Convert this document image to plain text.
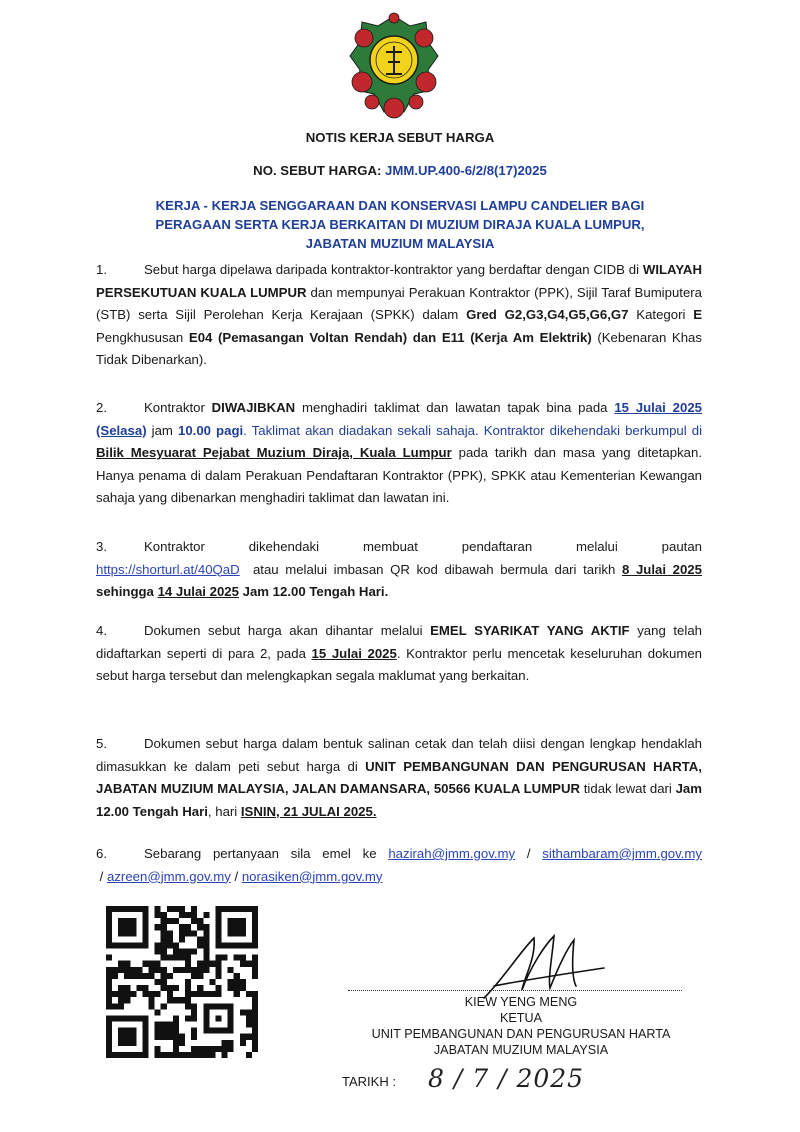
NOTIS KERJA SEBUT HARGA
NO. SEBUT HARGA: JMM.UP.400-6/2/8(17)2025
KERJA - KERJA SENGGARAAN DAN KONSERVASI LAMPU CANDELIER BAGI
PERAGAAN SERTA KERJA BERKAITAN DI MUZIUM DIRAJA KUALA LUMPUR,
JABATAN MUZIUM MALAYSIA
1.	Sebut harga dipelawa daripada kontraktor-kontraktor yang berdaftar dengan CIDB di WILAYAH PERSEKUTUAN KUALA LUMPUR dan mempunyai Perakuan Kontraktor (PPK), Sijil Taraf Bumiputera (STB) serta Sijil Perolehan Kerja Kerajaan (SPKK) dalam Gred G2,G3,G4,G5,G6,G7 Kategori E Pengkhususan E04 (Pemasangan Voltan Rendah) dan E11 (Kerja Am Elektrik) (Kebenaran Khas Tidak Dibenarkan).
2.	Kontraktor DIWAJIBKAN menghadiri taklimat dan lawatan tapak bina pada 15 Julai 2025 (Selasa) jam 10.00 pagi. Taklimat akan diadakan sekali sahaja. Kontraktor dikehendaki berkumpul di Bilik Mesyuarat Pejabat Muzium Diraja, Kuala Lumpur pada tarikh dan masa yang ditetapkan. Hanya penama di dalam Perakuan Pendaftaran Kontraktor (PPK), SPKK atau Kementerian Kewangan sahaja yang dibenarkan menghadiri taklimat dan lawatan ini.
3.	Kontraktor dikehendaki membuat pendaftaran melalui pautan
https://shorturl.at/40QaD  atau melalui imbasan QR kod dibawah bermula dari tarikh 8 Julai 2025 sehingga 14 Julai 2025 Jam 12.00 Tengah Hari.
4.	Dokumen sebut harga akan dihantar melalui EMEL SYARIKAT YANG AKTIF yang telah didaftarkan seperti di para 2, pada 15 Julai 2025. Kontraktor perlu mencetak keseluruhan dokumen sebut harga tersebut dan melengkapkan segala maklumat yang berkaitan.
5.	Dokumen sebut harga dalam bentuk salinan cetak dan telah diisi dengan lengkap hendaklah dimasukkan ke dalam peti sebut harga di UNIT PEMBANGUNAN DAN PENGURUSAN HARTA, JABATAN MUZIUM MALAYSIA, JALAN DAMANSARA, 50566 KUALA LUMPUR tidak lewat dari Jam 12.00 Tengah Hari, hari ISNIN, 21 JULAI 2025.
6.	Sebarang pertanyaan sila emel ke hazirah@jmm.gov.my / sithambaram@jmm.gov.my / azreen@jmm.gov.my / norasiken@jmm.gov.my
KIEW YENG MENG
KETUA
UNIT PEMBANGUNAN DAN PENGURUSAN HARTA
JABATAN MUZIUM MALAYSIA
TARIKH : 8 / 7 / 2025
